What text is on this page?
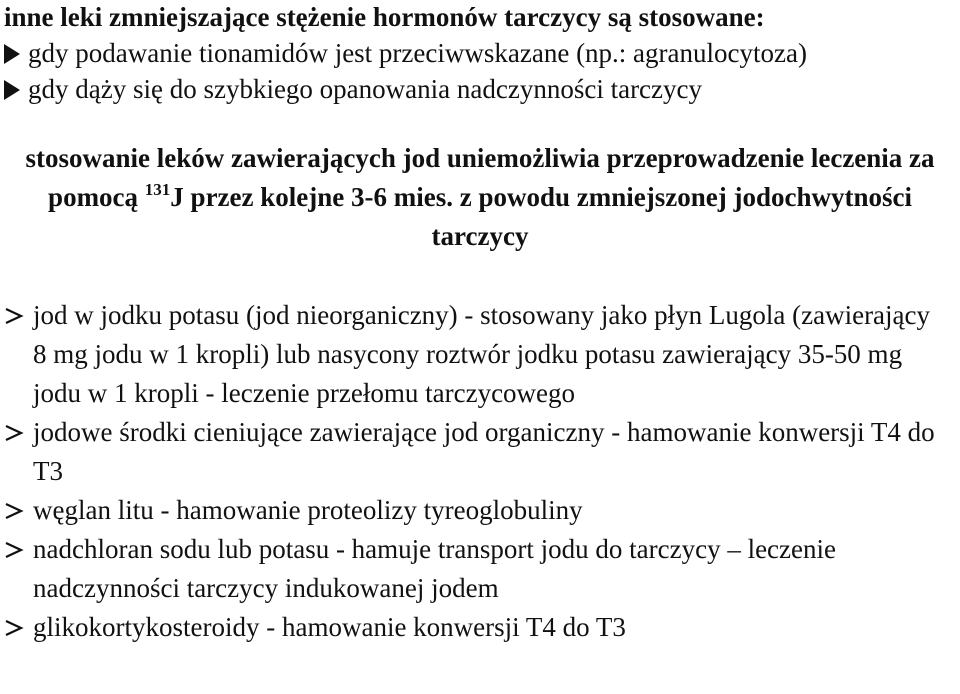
inne leki zmniejszające stężenie hormonów tarczycy są stosowane:
gdy podawanie tionamidów jest przeciwwskazane (np.: agranulocytoza)
gdy dąży się do szybkiego opanowania nadczynności tarczycy
stosowanie leków zawierających jod uniemożliwia przeprowadzenie leczenia za pomocą $^{131}$J przez kolejne 3-6 mies. z powodu zmniejszonej jodochwytności tarczycy
jod w jodku potasu (jod nieorganiczny) - stosowany jako płyn Lugola (zawierający 8 mg jodu w 1 kropli) lub nasycony roztwór jodku potasu zawierający 35-50 mg jodu w 1 kropli - leczenie przełomu tarczycowego
jodowe środki cieniujące zawierające jod organiczny - hamowanie konwersji T4 do T3
węglan litu - hamowanie proteolizy tyreoglobuliny
nadchloran sodu lub potasu - hamuje transport jodu do tarczycy – leczenie nadczynności tarczycy indukowanej jodem
glikokortykosteroidy - hamowanie konwersji T4 do T3
